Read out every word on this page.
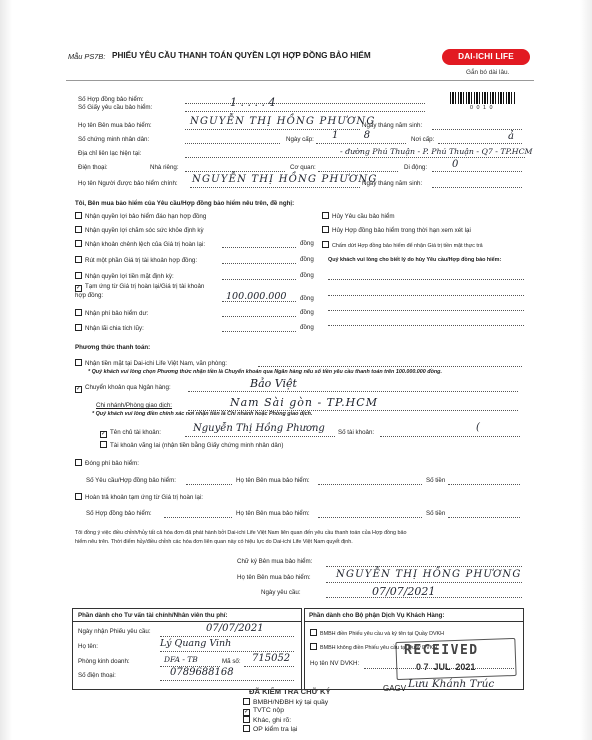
Mẫu PS7B: PHIẾU YÊU CẦU THANH TOÁN QUYỀN LỢI HỢP ĐỒNG BẢO HIỂM	DAI-ICHI LIFE
Gắn bó dài lâu.
0 0 1 0
Số Hợp đồng bảo hiểm:
Số Giấy yêu cầu bảo hiểm:	1 . . . . 4
Họ tên Bên mua bảo hiểm:	NGUYỄN THỊ HỒNG PHƯƠNG
Ngày tháng năm sinh:
Số chứng minh nhân dân:	Ngày cấp: 1        8	Nơi cấp:	ả
Địa chỉ liên lạc hiện tại:	- đường Phú Thuận - P. Phú Thuận - Q7 - TP.HCM
Điện thoại:	Nhà riêng:	Cơ quan:	Di động: 0
Họ tên Người được bảo hiểm chính: NGUYỄN THỊ HỒNG PHƯƠNG
Ngày tháng năm sinh:
Tôi, Bên mua bảo hiểm của Yêu cầu/Hợp đồng bảo hiểm nêu trên, đề nghị:
Nhận quyền lợi bảo hiểm đáo hạn hợp đồng
Nhận quyền lợi chăm sóc sức khỏe định kỳ
Nhận khoản chênh lệch của Giá trị hoàn lại:	đồng
Rút một phần Giá trị tài khoản hợp đồng:	đồng
Nhận quyền lợi tiền mặt định kỳ:	đồng
✓ Tạm ứng từ Giá trị hoàn lại/Giá trị tài khoản hợp đồng:	100.000.000 đồng
Nhận phí bảo hiểm dư:	đồng
Nhận lãi chia tích lũy:	đồng
Hủy Yêu cầu bảo hiểm
Hủy Hợp đồng bảo hiểm trong thời hạn xem xét lại
Chấm dứt Hợp đồng bảo hiểm để nhận Giá trị tiền mặt thực trả
Quý khách vui lòng cho biết lý do hủy Yêu cầu/Hợp đồng bảo hiểm:
Phương thức thanh toán:
Nhận tiền mặt tại Dai-ichi Life Việt Nam, văn phòng:
* Quý khách vui lòng chọn Phương thức nhận tiền là Chuyển khoản qua Ngân hàng nếu số tiền yêu cầu thanh toán trên 100.000.000 đồng.
✓ Chuyển khoản qua Ngân hàng:	Bảo Việt
Chi nhánh/Phòng giao dịch:	Nam Sài gòn - TP.HCM
* Quý khách vui lòng điền chính xác nơi nhận tiền là Chi nhánh hoặc Phòng giao dịch.
✓ Tên chủ tài khoản:	Nguyễn Thị Hồng Phương Số tài khoản:	(
Tài khoản vãng lai (nhận tiền bằng Giấy chứng minh nhân dân)
Đóng phí bảo hiểm:
Số Yêu cầu/Hợp đồng bảo hiểm:	Họ tên Bên mua bảo hiểm:	Số tiền
Hoàn trả khoản tạm ứng từ Giá trị hoàn lại:
Số Hợp đồng bảo hiểm:	Họ tên Bên mua bảo hiểm:	Số tiền
Tôi đồng ý việc điều chỉnh/hủy tất cả hóa đơn đã phát hành bởi Dai-ichi Life Việt Nam liên quan đến yêu cầu thanh toán của Hợp đồng bảo
hiểm nêu trên. Thời điểm hủy/điều chỉnh các hóa đơn liên quan này có hiệu lực do Dai-ichi Life Việt Nam quyết định.
Chữ ký Bên mua bảo hiểm:
Họ tên Bên mua bảo hiểm:	NGUYỄN THỊ HỒNG PHƯƠNG
Ngày yêu cầu:	07/07/2021
Phần dành cho Tư vấn tài chính/Nhân viên thu phí:
Ngày nhận Phiếu yêu cầu:	07/07/2021
Họ tên:	Lý Quang Vinh
Phòng kinh doanh:	DFA - TB	Mã số: 715052
Số điện thoại:	0789688168
Phần dành cho Bộ phận Dịch Vụ Khách Hàng:
BMBH điền Phiếu yêu cầu và ký tên tại Quầy DVKH
BMBH không điền Phiếu yêu cầu tại Quầy DVKH
Họ tên NV DVKH:
RECEIVED
0 7  JUL  2021
GAGV Lưu Khánh Trúc
ĐÃ KIỂM TRA CHỮ KÝ
BMBH/NĐBH ký tại quầy
✓ TVTC nộp
Khác, ghi rõ:
OP kiểm tra lại
